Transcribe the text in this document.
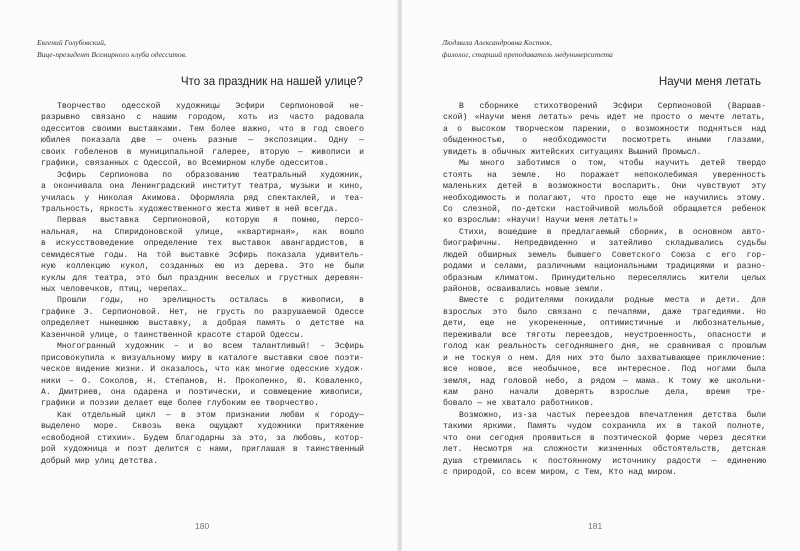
Евгений Голубовский,
Вице-президент Всемирного клуба одесситов.
Что за праздник на нашей улице?
Творчество одесской художницы Эсфири Серпионовой не-
разрывно связано с нашим городом, хоть из часто радовала
одесситов своими выставками. Тем более важно, что в год своего
юбилея показала две — очень разные — экспозиции. Одну —
своих гобеленов в муниципальной галерее, вторую — живописи и
графики, связанных с Одессой, во Всемирном клубе одесситов.
Эсфирь Серпионова по образованию театральный художник,
а окончивала она Ленинградский институт театра, музыки и кино,
училась у Николая Акимова. Оформляла ряд спектаклей, и теа-
тральность, яркость художественного жеста живет в ней всегда.
Первая выставка Серпионовой, которую я помню, персо-
нальная, на Спиридоновской улице, «квартирная», как вошло
в искусствоведение определение тех выставок авангардистов, в
семидесятые годы. На той выставке Эсфирь показала удивитель-
ную коллекцию кукол, созданных ею из дерева. Это не были
куклы для театра, это был праздник веселых и грустных деревян-
ных человечков, птиц, черепах…
Прошли годы, но зрелищность осталась в живописи, в
графике Э. Серпионовой. Нет, не грусть по разрушаемой Одессе
определяет нынешнюю выставку, а добрая память о детстве на
Казенчной улице, о таинственной красоте старой Одессы.
Многогранный художник – и во всем талантливый! – Эсфирь
присовокупила к визуальному миру в каталоге выставки свое поэти-
ческое видение жизни. И оказалось, что как многие одесские худож·
ники – О. Соколов, Н. Степанов, Н. Прокопенко, Ю. Коваленко,
А. Дмитриев, она одарена и поэтически, и совмещение живописи,
графики и поэзии делает еще более глубоким ее творчество.
Как отдельный цикл — в этом признании любви к городу—
выделено море. Сквозь века ощущают художники притяжение
«свободной стихии». Будем благодарны за это, за любовь, котор-
рой художница и поэт делится с нами, приглашая в таинственный
добрый мир улиц детства.
180
Людмила Александровна Костюк,
филолог, старший преподаватель медуниверситета
Научи меня летать
В сборнике стихотворений Эсфири Серпионовой (Варшав-
ской) «Научи меня летать» речь идет не просто о мечте летать,
а о высоком творческом парении, о возможности подняться над
обыденностью, о необходимости посмотреть иными глазами,
увидеть в обычных житейских ситуациях Вышний Промысл.
Мы много заботимся о том, чтобы научить детей твердо
стоять на земле. Но поражает непоколебимая уверенность
маленьких детей в возможности воспарить. Они чувствуют эту
необходимость и полагают, что просто еще не научились этому.
Со слезной, по-детски настойчивой мольбой обращается ребенок
ко взрослым: «Научи! Научи меня летать!»
Стихи, вошедшие в предлагаемый сборник, в основном авто-
биографичны. Непредвиденно и затейливо складывались судьбы
людей обширных земель бывшего Советского Союза с его гор-
родами и селами, различными национальными традициями и разно-
образным климатом. Принудительно переселялись жители целых
районов, осваивались новые земли.
Вместе с родителями покидали родные места и дети. Для
взрослых это было связано с печалями, даже трагедиями. Но
дети, еще не укорененные, оптимистичные и любознательные,
переживали все тяготы переездов, неустроенность, опасности и
голод как реальность сегодняшнего дня, не сравнивая с прошлым
и не тоскуя о нем. Для них это было захватывающее приключение:
все новое, все необычное, все интересное. Под ногами была
земля, над головой небо, а рядом — мама. К тому же школьни-
кам рано начали доверять взрослые дела, время тре-
бовало — не хватало работников.
Возможно, из-за частых переездов впечатления детства были
такими яркими. Память чудом сохранила их в такой полноте,
что они сегодня проявиться в поэтической форме через десятки
лет. Несмотря на сложности жизненных обстоятельств, детская
душа стремилась к постоянному источнику радости — единению
с природой, со всем миром, с Тем, Кто над миром.
181
